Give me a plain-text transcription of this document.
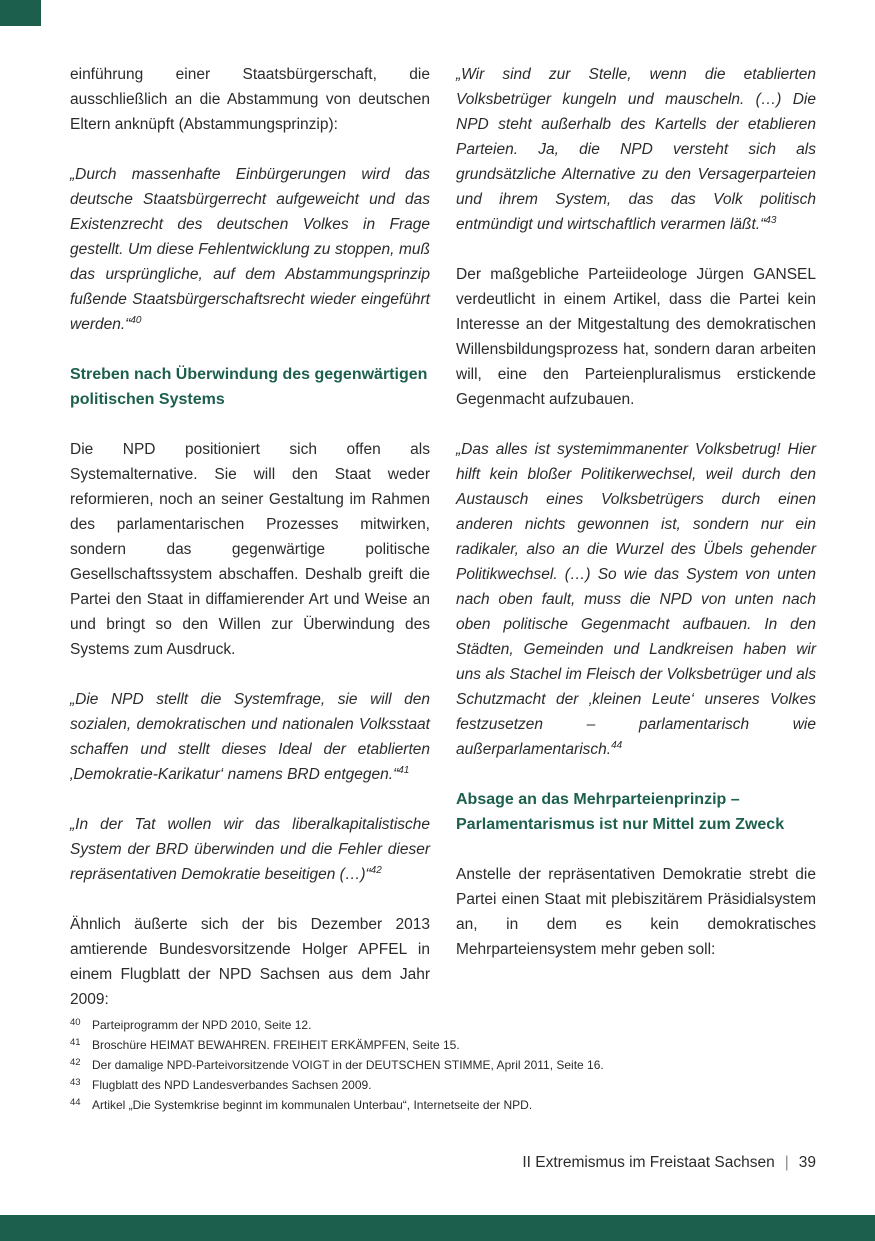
einführung einer Staatsbürgerschaft, die ausschließlich an die Abstammung von deutschen Eltern anknüpft (Abstammungsprinzip):

„Durch massenhafte Einbürgerungen wird das deutsche Staatsbürgerrecht aufgeweicht und das Existenzrecht des deutschen Volkes in Frage gestellt. Um diese Fehlentwicklung zu stoppen, muß das ursprüngliche, auf dem Abstammungsprinzip fußende Staatsbürgerschaftsrecht wieder eingeführt werden.“$^{40}$

Streben nach Überwindung des gegenwärtigen politischen Systems

Die NPD positioniert sich offen als Systemalternative. Sie will den Staat weder reformieren, noch an seiner Gestaltung im Rahmen des parlamentarischen Prozesses mitwirken, sondern das gegenwärtige politische Gesellschaftssystem abschaffen. Deshalb greift die Partei den Staat in diffamierender Art und Weise an und bringt so den Willen zur Überwindung des Systems zum Ausdruck.

„Die NPD stellt die Systemfrage, sie will den sozialen, demokratischen und nationalen Volksstaat schaffen und stellt dieses Ideal der etablierten ‚Demokratie-Karikatur‘ namens BRD entgegen.“$^{41}$

„In der Tat wollen wir das liberalkapitalistische System der BRD überwinden und die Fehler dieser repräsentativen Demokratie beseitigen (…)“$^{42}$

Ähnlich äußerte sich der bis Dezember 2013 amtierende Bundesvorsitzende Holger APFEL in einem Flugblatt der NPD Sachsen aus dem Jahr 2009:

„Wir sind zur Stelle, wenn die etablierten Volksbetrüger kungeln und mauscheln. (…) Die NPD steht außerhalb des Kartells der etablieren Parteien. Ja, die NPD versteht sich als grundsätzliche Alternative zu den Versagerparteien und ihrem System, das das Volk politisch entmündigt und wirtschaftlich verarmen läßt.“$^{43}$

Der maßgebliche Parteiideologe Jürgen GANSEL verdeutlicht in einem Artikel, dass die Partei kein Interesse an der Mitgestaltung des demokratischen Willensbildungsprozess hat, sondern daran arbeiten will, eine den Parteienpluralismus erstickende Gegenmacht aufzubauen.

„Das alles ist systemimmanenter Volksbetrug! Hier hilft kein bloßer Politikerwechsel, weil durch den Austausch eines Volksbetrügers durch einen anderen nichts gewonnen ist, sondern nur ein radikaler, also an die Wurzel des Übels gehender Politikwechsel. (…) So wie das System von unten nach oben fault, muss die NPD von unten nach oben politische Gegenmacht aufbauen. In den Städten, Gemeinden und Landkreisen haben wir uns als Stachel im Fleisch der Volksbetrüger und als Schutzmacht der ‚kleinen Leute‘ unseres Volkes festzusetzen – parlamentarisch wie außerparlamentarisch.$^{44}$

Absage an das Mehrparteienprinzip – Parlamentarismus ist nur Mittel zum Zweck

Anstelle der repräsentativen Demokratie strebt die Partei einen Staat mit plebiszitärem Präsidialsystem an, in dem es kein demokratisches Mehrparteiensystem mehr geben soll:

40 Parteiprogramm der NPD 2010, Seite 12.
41 Broschüre HEIMAT BEWAHREN. FREIHEIT ERKÄMPFEN, Seite 15.
42 Der damalige NPD-Parteivorsitzende VOIGT in der DEUTSCHEN STIMME, April 2011, Seite 16.
43 Flugblatt des NPD Landesverbandes Sachsen 2009.
44 Artikel „Die Systemkrise beginnt im kommunalen Unterbau“, Internetseite der NPD.
II Extremismus im Freistaat Sachsen | 39
